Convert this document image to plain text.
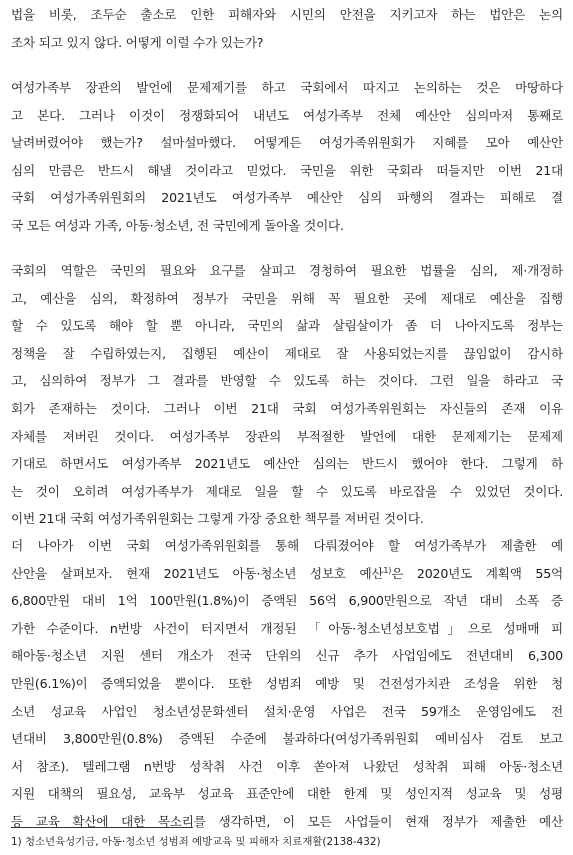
법을 비롯, 조두순 출소로 인한 피해자와 시민의 안전을 지키고자 하는 법안은 논의
조차 되고 있지 않다. 어떻게 이럴 수가 있는가?
여성가족부 장관의 발언에 문제제기를 하고 국회에서 따지고 논의하는 것은 마땅하다
고 본다. 그러나 이것이 정쟁화되어 내년도 여성가족부 전체 예산안 심의마저 통째로
날려버렸어야 했는가? 설마설마했다. 어떻게든 여성가족위원회가 지혜를 모아 예산안
심의 만큼은 반드시 해낼 것이라고 믿었다. 국민을 위한 국회라 떠들지만 이번 21대
국회 여성가족위원회의 2021년도 여성가족부 예산안 심의 파행의 결과는 피해로 결
국 모든 여성과 가족, 아동·청소년, 전 국민에게 돌아올 것이다.
국회의 역할은 국민의 필요와 요구를 살피고 경청하여 필요한 법률을 심의, 제·개정하
고, 예산을 심의, 확정하여 정부가 국민을 위해 꼭 필요한 곳에 제대로 예산을 집행
할 수 있도록 해야 할 뿐 아니라, 국민의 삶과 살림살이가 좀 더 나아지도록 정부는
정책을 잘 수립하였는지, 집행된 예산이 제대로 잘 사용되었는지를 끊임없이 감시하
고, 심의하여 정부가 그 결과를 반영할 수 있도록 하는 것이다. 그런 일을 하라고 국
회가 존재하는 것이다. 그러나 이번 21대 국회 여성가족위원회는 자신들의 존재 이유
자체를 져버린 것이다. 여성가족부 장관의 부적절한 발언에 대한 문제제기는 문제제
기대로 하면서도 여성가족부 2021년도 예산안 심의는 반드시 했어야 한다. 그렇게 하
는 것이 오히려 여성가족부가 제대로 일을 할 수 있도록 바로잡을 수 있었던 것이다.
이번 21대 국회 여성가족위원회는 그렇게 가장 중요한 책무를 져버린 것이다.
더 나아가 이번 국회 여성가족위원회를 통해 다뤄졌어야 할 여성가족부가 제출한 예
산안을 살펴보자. 현재 2021년도 아동·청소년 성보호 예산$^{1)}$은 2020년도 계획액 55억
6,800만원 대비 1억 100만원(1.8%)이 증액된 56억 6,900만원으로 작년 대비 소폭 증
가한 수준이다. n번방 사건이 터지면서 개정된 「아동·청소년성보호법」으로 성매매 피
해아동·청소년 지원 센터 개소가 전국 단위의 신규 추가 사업임에도 전년대비 6,300
만원(6.1%)이 증액되었을 뿐이다. 또한 성범죄 예방 및 건전성가치관 조성을 위한 청
소년 성교육 사업인 청소년성문화센터 설치·운영 사업은 전국 59개소 운영임에도 전
년대비 3,800만원(0.8%) 증액된 수준에 불과하다(여성가족위원회 예비심사 검토 보고
서 참조). 텔레그램 n번방 성착취 사건 이후 쏟아져 나왔던 성착취 피해 아동·청소년
지원 대책의 필요성, 교육부 성교육 표준안에 대한 한계 및 성인지적 성교육 및 성평
등 교육 확산에 대한 목소리를 생각하면, 이 모든 사업들이 현재 정부가 제출한 예산
1) 청소년육성기금, 아동·청소년 성범죄 예방교육 및 피해자 치료재활(2138-432)
